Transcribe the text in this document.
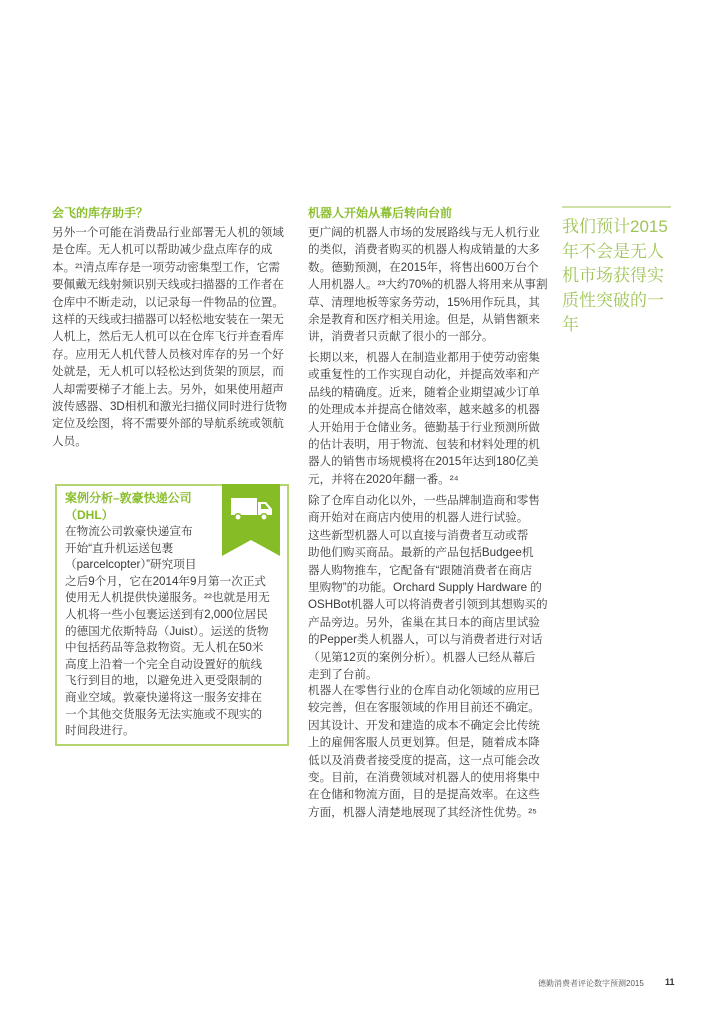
会飞的库存助手？
另外一个可能在消费品行业部署无人机的领域
是仓库。无人机可以帮助减少盘点库存的成
本。²¹清点库存是一项劳动密集型工作，它需
要佩戴无线射频识别天线或扫描器的工作者在
仓库中不断走动，以记录每一件物品的位置。
这样的天线或扫描器可以轻松地安装在一架无
人机上，然后无人机可以在仓库飞行并查看库
存。应用无人机代替人员核对库存的另一个好
处就是，无人机可以轻松达到货架的顶层，而
人却需要梯子才能上去。另外，如果使用超声
波传感器、3D相机和激光扫描仪同时进行货物
定位及绘图，将不需要外部的导航系统或领航
人员。
案例分析–敦豪快递公司
（DHL）
在物流公司敦豪快递宣布
开始“直升机运送包裹
（parcelcopter）”研究项目
之后9个月，它在2014年9月第一次正式
使用无人机提供快递服务。²²也就是用无
人机将一些小包裹运送到有2,000位居民
的德国尤依斯特岛（Juist）。运送的货物
中包括药品等急救物资。无人机在50米
高度上沿着一个完全自动设置好的航线
飞行到目的地，以避免进入更受限制的
商业空域。敦豪快递将这一服务安排在
一个其他交货服务无法实施或不现实的
时间段进行。
机器人开始从幕后转向台前
更广阔的机器人市场的发展路线与无人机行业
的类似，消费者购买的机器人构成销量的大多
数。德勤预测，在2015年，将售出600万台个
人用机器人。²³大约70%的机器人将用来从事割
草、清理地板等家务劳动，15%用作玩具，其
余是教育和医疗相关用途。但是，从销售额来
讲，消费者只贡献了很小的一部分。
长期以来，机器人在制造业都用于使劳动密集
或重复性的工作实现自动化，并提高效率和产
品线的精确度。近来，随着企业期望减少订单
的处理成本并提高仓储效率，越来越多的机器
人开始用于仓储业务。德勤基于行业预测所做
的估计表明，用于物流、包装和材料处理的机
器人的销售市场规模将在2015年达到180亿美
元，并将在2020年翻一番。²⁴
除了仓库自动化以外，一些品牌制造商和零售
商开始对在商店内使用的机器人进行试验。
这些新型机器人可以直接与消费者互动或帮
助他们购买商品。最新的产品包括Budgee机
器人购物推车，它配备有“跟随消费者在商店
里购物”的功能。Orchard Supply Hardware 的
OSHBot机器人可以将消费者引领到其想购买的
产品旁边。另外，雀巢在其日本的商店里试验
的Pepper类人机器人，可以与消费者进行对话
（见第12页的案例分析）。机器人已经从幕后
走到了台前。
机器人在零售行业的仓库自动化领域的应用已
较完善，但在客服领域的作用目前还不确定。
因其设计、开发和建造的成本不确定会比传统
上的雇佣客服人员更划算。但是，随着成本降
低以及消费者接受度的提高，这一点可能会改
变。目前，在消费领域对机器人的使用将集中
在仓储和物流方面，目的是提高效率。在这些
方面，机器人清楚地展现了其经济性优势。²⁵
我们预计2015
年不会是无人
机市场获得实
质性突破的一
年
德勤消费者评论数字预测2015 11
